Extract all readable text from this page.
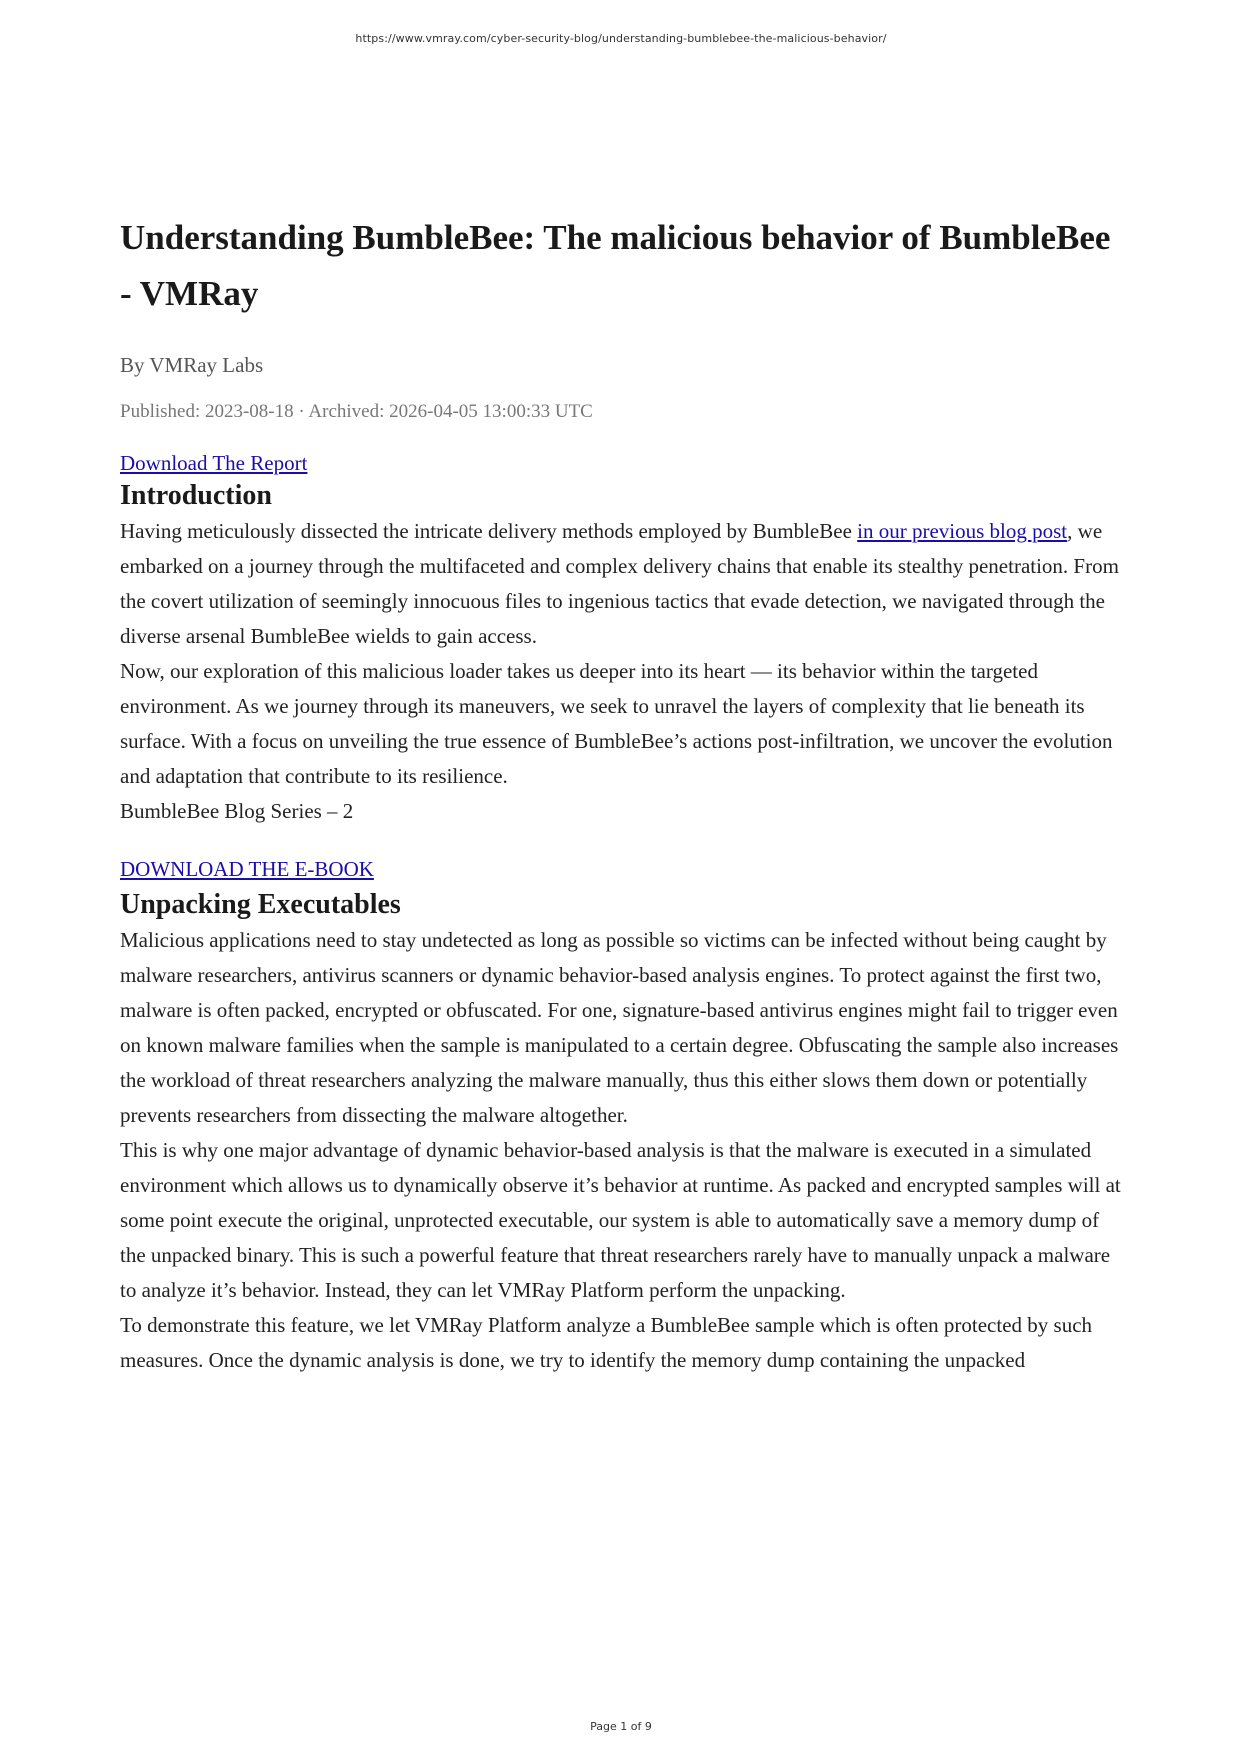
https://www.vmray.com/cyber-security-blog/understanding-bumblebee-the-malicious-behavior/
Understanding BumbleBee: The malicious behavior of BumbleBee
- VMRay
By VMRay Labs
Published: 2023-08-18 · Archived: 2026-04-05 13:00:33 UTC
Download The Report
Introduction

Having meticulously dissected the intricate delivery methods employed by BumbleBee in our previous blog post, we embarked on a journey through the multifaceted and complex delivery chains that enable its stealthy penetration. From the covert utilization of seemingly innocuous files to ingenious tactics that evade detection, we navigated through the diverse arsenal BumbleBee wields to gain access.

Now, our exploration of this malicious loader takes us deeper into its heart — its behavior within the targeted environment. As we journey through its maneuvers, we seek to unravel the layers of complexity that lie beneath its surface. With a focus on unveiling the true essence of BumbleBee’s actions post-infiltration, we uncover the evolution and adaptation that contribute to its resilience.

BumbleBee Blog Series – 2

DOWNLOAD THE E-BOOK
Unpacking Executables

Malicious applications need to stay undetected as long as possible so victims can be infected without being caught by malware researchers, antivirus scanners or dynamic behavior-based analysis engines. To protect against the first two, malware is often packed, encrypted or obfuscated. For one, signature-based antivirus engines might fail to trigger even on known malware families when the sample is manipulated to a certain degree. Obfuscating the sample also increases the workload of threat researchers analyzing the malware manually, thus this either slows them down or potentially prevents researchers from dissecting the malware altogether.

This is why one major advantage of dynamic behavior-based analysis is that the malware is executed in a simulated environment which allows us to dynamically observe it’s behavior at runtime. As packed and encrypted samples will at some point execute the original, unprotected executable, our system is able to automatically save a memory dump of the unpacked binary. This is such a powerful feature that threat researchers rarely have to manually unpack a malware to analyze it’s behavior. Instead, they can let VMRay Platform perform the unpacking.

To demonstrate this feature, we let VMRay Platform analyze a BumbleBee sample which is often protected by such measures. Once the dynamic analysis is done, we try to identify the memory dump containing the unpacked

Page 1 of 9
